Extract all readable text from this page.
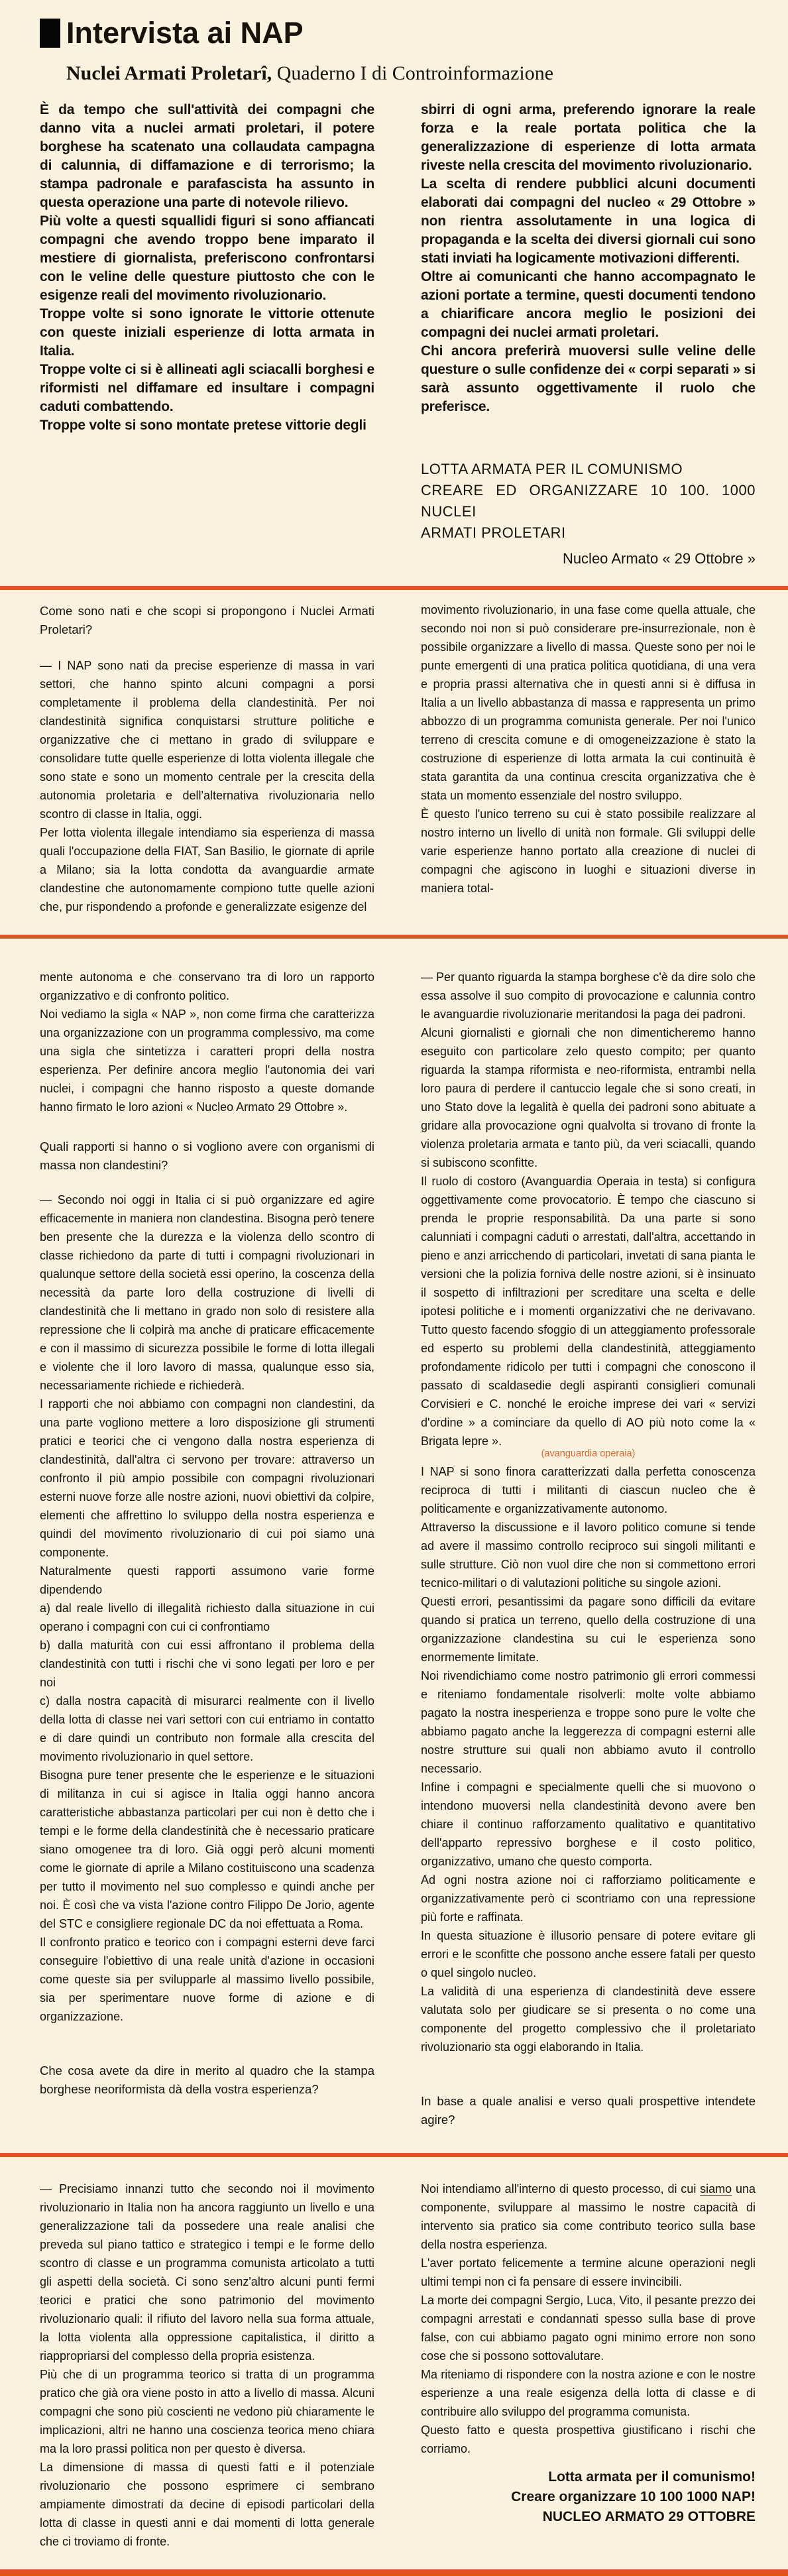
Intervista ai NAP
Nuclei Armati Proletarî, Quaderno I di Controinformazione

È da tempo che sull'attività dei compagni che danno vita a nuclei armati proletari, il potere borghese ha scatenato una collaudata campagna di calunnia, di diffamazione e di terrorismo; la stampa padronale e parafascista ha assunto in questa operazione una parte di notevole rilievo.

Più volte a questi squallidi figuri si sono affiancati compagni che avendo troppo bene imparato il mestiere di giornalista, preferiscono confrontarsi con le veline delle questure piuttosto che con le esigenze reali del movimento rivoluzionario.

Troppe volte si sono ignorate le vittorie ottenute con queste iniziali esperienze di lotta armata in Italia.

Troppe volte ci si è allineati agli sciacalli borghesi e riformisti nel diffamare ed insultare i compagni caduti combattendo.

Troppe volte si sono montate pretese vittorie degli

sbirri di ogni arma, preferendo ignorare la reale forza e la reale portata politica che la generalizzazione di esperienze di lotta armata riveste nella crescita del movimento rivoluzionario.

La scelta di rendere pubblici alcuni documenti elaborati dai compagni del nucleo « 29 Ottobre » non rientra assolutamente in una logica di propaganda e la scelta dei diversi giornali cui sono stati inviati ha logicamente motivazioni differenti.

Oltre ai comunicanti che hanno accompagnato le azioni portate a termine, questi documenti tendono a chiarificare ancora meglio le posizioni dei compagni dei nuclei armati proletari.

Chi ancora preferirà muoversi sulle veline delle questure o sulle confidenze dei « corpi separati » si sarà assunto oggettivamente il ruolo che preferisce.

LOTTA ARMATA PER IL COMUNISMO

CREARE ED ORGANIZZARE 10 100. 1000 NUCLEI

ARMATI PROLETARI

Nucleo Armato « 29 Ottobre »

Come sono nati e che scopi si propongono i Nuclei Armati Proletari?

— I NAP sono nati da precise esperienze di massa in vari settori, che hanno spinto alcuni compagni a porsi completamente il problema della clandestinità. Per noi clandestinità significa conquistarsi strutture politiche e organizzative che ci mettano in grado di sviluppare e consolidare tutte quelle esperienze di lotta violenta illegale che sono state e sono un momento centrale per la crescita della autonomia proletaria e dell'alternativa rivoluzionaria nello scontro di classe in Italia, oggi.

Per lotta violenta illegale intendiamo sia esperienza di massa quali l'occupazione della FIAT, San Basilio, le giornate di aprile a Milano; sia la lotta condotta da avanguardie armate clandestine che autonomamente compiono tutte quelle azioni che, pur rispondendo a profonde e generalizzate esigenze del

movimento rivoluzionario, in una fase come quella attuale, che secondo noi non si può considerare pre-insurrezionale, non è possibile organizzare a livello di massa. Queste sono per noi le punte emergenti di una pratica politica quotidiana, di una vera e propria prassi alternativa che in questi anni si è diffusa in Italia a un livello abbastanza di massa e rappresenta un primo abbozzo di un programma comunista generale. Per noi l'unico terreno di crescita comune e di omogeneizzazione è stato la costruzione di esperienze di lotta armata la cui continuità è stata garantita da una continua crescita organizzativa che è stata un momento essenziale del nostro sviluppo.

È questo l'unico terreno su cui è stato possibile realizzare al nostro interno un livello di unità non formale. Gli sviluppi delle varie esperienze hanno portato alla creazione di nuclei di compagni che agiscono in luoghi e situazioni diverse in maniera total-

mente autonoma e che conservano tra di loro un rapporto organizzativo e di confronto politico.

Noi vediamo la sigla « NAP », non come firma che caratterizza una organizzazione con un programma complessivo, ma come una sigla che sintetizza i caratteri propri della nostra esperienza. Per definire ancora meglio l'autonomia dei vari nuclei, i compagni che hanno risposto a queste domande hanno firmato le loro azioni « Nucleo Armato 29 Ottobre ».

Quali rapporti si hanno o si vogliono avere con organismi di massa non clandestini?

— Secondo noi oggi in Italia ci si può organizzare ed agire efficacemente in maniera non clandestina. Bisogna però tenere ben presente che la durezza e la violenza dello scontro di classe richiedono da parte di tutti i compagni rivoluzionari in qualunque settore della società essi operino, la coscenza della necessità da parte loro della costruzione di livelli di clandestinità che li mettano in grado non solo di resistere alla repressione che li colpirà ma anche di praticare efficacemente e con il massimo di sicurezza possibile le forme di lotta illegali e violente che il loro lavoro di massa, qualunque esso sia, necessariamente richiede e richiederà.

I rapporti che noi abbiamo con compagni non clandestini, da una parte vogliono mettere a loro disposizione gli strumenti pratici e teorici che ci vengono dalla nostra esperienza di clandestinità, dall'altra ci servono per trovare: attraverso un confronto il più ampio possibile con compagni rivoluzionari esterni nuove forze alle nostre azioni, nuovi obiettivi da colpire, elementi che affrettino lo sviluppo della nostra esperienza e quindi del movimento rivoluzionario di cui poi siamo una componente.

Naturalmente questi rapporti assumono varie forme dipendendo

a) dal reale livello di illegalità richiesto dalla situazione in cui operano i compagni con cui ci confrontiamo

b) dalla maturità con cui essi affrontano il problema della clandestinità con tutti i rischi che vi sono legati per loro e per noi

c) dalla nostra capacità di misurarci realmente con il livello della lotta di classe nei vari settori con cui entriamo in contatto e di dare quindi un contributo non formale alla crescita del movimento rivoluzionario in quel settore.

Bisogna pure tener presente che le esperienze e le situazioni di militanza in cui si agisce in Italia oggi hanno ancora caratteristiche abbastanza particolari per cui non è detto che i tempi e le forme della clandestinità che è necessario praticare siano omogenee tra di loro. Già oggi però alcuni momenti come le giornate di aprile a Milano costituiscono una scadenza per tutto il movimento nel suo complesso e quindi anche per noi. È così che va vista l'azione contro Filippo De Jorio, agente del STC e consigliere regionale DC da noi effettuata a Roma.

Il confronto pratico e teorico con i compagni esterni deve farci conseguire l'obiettivo di una reale unità d'azione in occasioni come queste sia per svilupparle al massimo livello possibile, sia per sperimentare nuove forme di azione e di organizzazione.

Che cosa avete da dire in merito al quadro che la stampa borghese neoriformista dà della vostra esperienza?

— Per quanto riguarda la stampa borghese c'è da dire solo che essa assolve il suo compito di provocazione e calunnia contro le avanguardie rivoluzionarie meritandosi la paga dei padroni.

Alcuni giornalisti e giornali che non dimenticheremo hanno eseguito con particolare zelo questo compito; per quanto riguarda la stampa riformista e neo-riformista, entrambi nella loro paura di perdere il cantuccio legale che si sono creati, in uno Stato dove la legalità è quella dei padroni sono abituate a gridare alla provocazione ogni qualvolta si trovano di fronte la violenza proletaria armata e tanto più, da veri sciacalli, quando si subiscono sconfitte.

Il ruolo di costoro (Avanguardia Operaia in testa) si configura oggettivamente come provocatorio. È tempo che ciascuno si prenda le proprie responsabilità. Da una parte si sono calunniati i compagni caduti o arrestati, dall'altra, accettando in pieno e anzi arricchendo di particolari, invetati di sana pianta le versioni che la polizia forniva delle nostre azioni, si è insinuato il sospetto di infiltrazioni per screditare una scelta e delle ipotesi politiche e i momenti organizzativi che ne derivavano. Tutto questo facendo sfoggio di un atteggiamento professorale ed esperto su problemi della clandestinità, atteggiamento profondamente ridicolo per tutti i compagni che conoscono il passato di scaldasedie degli aspiranti consiglieri comunali Corvisieri e C. nonché le eroiche imprese dei vari « servizi d'ordine » a cominciare da quello di AO più noto come la « Brigata lepre ».

(avanguardia operaia)

I NAP si sono finora caratterizzati dalla perfetta conoscenza reciproca di tutti i militanti di ciascun nucleo che è politicamente e organizzativamente autonomo.

Attraverso la discussione e il lavoro politico comune si tende ad avere il massimo controllo reciproco sui singoli militanti e sulle strutture. Ciò non vuol dire che non si commettono errori tecnico-militari o di valutazioni politiche su singole azioni.

Questi errori, pesantissimi da pagare sono difficili da evitare quando si pratica un terreno, quello della costruzione di una organizzazione clandestina su cui le esperienza sono enormemente limitate.

Noi rivendichiamo come nostro patrimonio gli errori commessi e riteniamo fondamentale risolverli: molte volte abbiamo pagato la nostra inesperienza e troppe sono pure le volte che abbiamo pagato anche la leggerezza di compagni esterni alle nostre strutture sui quali non abbiamo avuto il controllo necessario.

Infine i compagni e specialmente quelli che si muovono o intendono muoversi nella clandestinità devono avere ben chiare il continuo rafforzamento qualitativo e quantitativo dell'apparto repressivo borghese e il costo politico, organizzativo, umano che questo comporta.

Ad ogni nostra azione noi ci rafforziamo politicamente e organizzativamente però ci scontriamo con una repressione più forte e raffinata.

In questa situazione è illusorio pensare di potere evitare gli errori e le sconfitte che possono anche essere fatali per questo o quel singolo nucleo.

La validità di una esperienza di clandestinità deve essere valutata solo per giudicare se si presenta o no come una componente del progetto complessivo che il proletariato rivoluzionario sta oggi elaborando in Italia.

In base a quale analisi e verso quali prospettive intendete agire?

— Precisiamo innanzi tutto che secondo noi il movimento rivoluzionario in Italia non ha ancora raggiunto un livello e una generalizzazione tali da possedere una reale analisi che preveda sul piano tattico e strategico i tempi e le forme dello scontro di classe e un programma comunista articolato a tutti gli aspetti della società. Ci sono senz'altro alcuni punti fermi teorici e pratici che sono patrimonio del movimento rivoluzionario quali: il rifiuto del lavoro nella sua forma attuale, la lotta violenta alla oppressione capitalistica, il diritto a riappropriarsi del complesso della propria esistenza.

Più che di un programma teorico si tratta di un programma pratico che già ora viene posto in atto a livello di massa. Alcuni compagni che sono più coscienti ne vedono più chiaramente le implicazioni, altri ne hanno una coscienza teorica meno chiara ma la loro prassi politica non per questo è diversa.

La dimensione di massa di questi fatti e il potenziale rivoluzionario che possono esprimere ci sembrano ampiamente dimostrati da decine di episodi particolari della lotta di classe in questi anni e dai momenti di lotta generale che ci troviamo di fronte.

Noi intendiamo all'interno di questo processo, di cui siamo una componente, sviluppare al massimo le nostre capacità di intervento sia pratico sia come contributo teorico sulla base della nostra esperienza.

L'aver portato felicemente a termine alcune operazioni negli ultimi tempi non ci fa pensare di essere invincibili.

La morte dei compagni Sergio, Luca, Vito, il pesante prezzo dei compagni arrestati e condannati spesso sulla base di prove false, con cui abbiamo pagato ogni minimo errore non sono cose che si possono sottovalutare.

Ma riteniamo di rispondere con la nostra azione e con le nostre esperienze a una reale esigenza della lotta di classe e di contribuire allo sviluppo del programma comunista.

Questo fatto e questa prospettiva giustificano i rischi che corriamo.

Lotta armata per il comunismo!

Creare organizzare 10 100 1000 NAP!

NUCLEO ARMATO 29 OTTOBRE
